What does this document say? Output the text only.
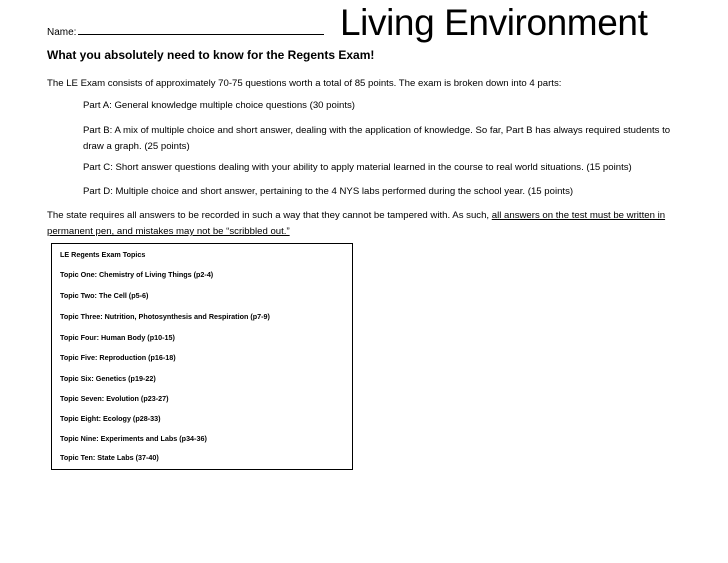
Name:	Living Environment
What you absolutely need to know for the Regents Exam!
The LE Exam consists of approximately 70-75 questions worth a total of 85 points. The exam is broken down into 4 parts:
Part A: General knowledge multiple choice questions (30 points)
Part B: A mix of multiple choice and short answer, dealing with the application of knowledge. So far, Part B has always required students to draw a graph. (25 points)
Part C: Short answer questions dealing with your ability to apply material learned in the course to real world situations. (15 points)
Part D: Multiple choice and short answer, pertaining to the 4 NYS labs performed during the school year. (15 points)
The state requires all answers to be recorded in such a way that they cannot be tampered with. As such, all answers on the test must be written in permanent pen, and mistakes may not be “scribbled out.”
LE Regents Exam Topics
Topic One: Chemistry of Living Things (p2-4)
Topic Two: The Cell (p5-6)
Topic Three: Nutrition, Photosynthesis and Respiration (p7-9)
Topic Four: Human Body (p10-15)
Topic Five: Reproduction (p16-18)
Topic Six: Genetics (p19-22)
Topic Seven: Evolution (p23-27)
Topic Eight: Ecology (p28-33)
Topic Nine: Experiments and Labs (p34-36)
Topic Ten: State Labs (37-40)
